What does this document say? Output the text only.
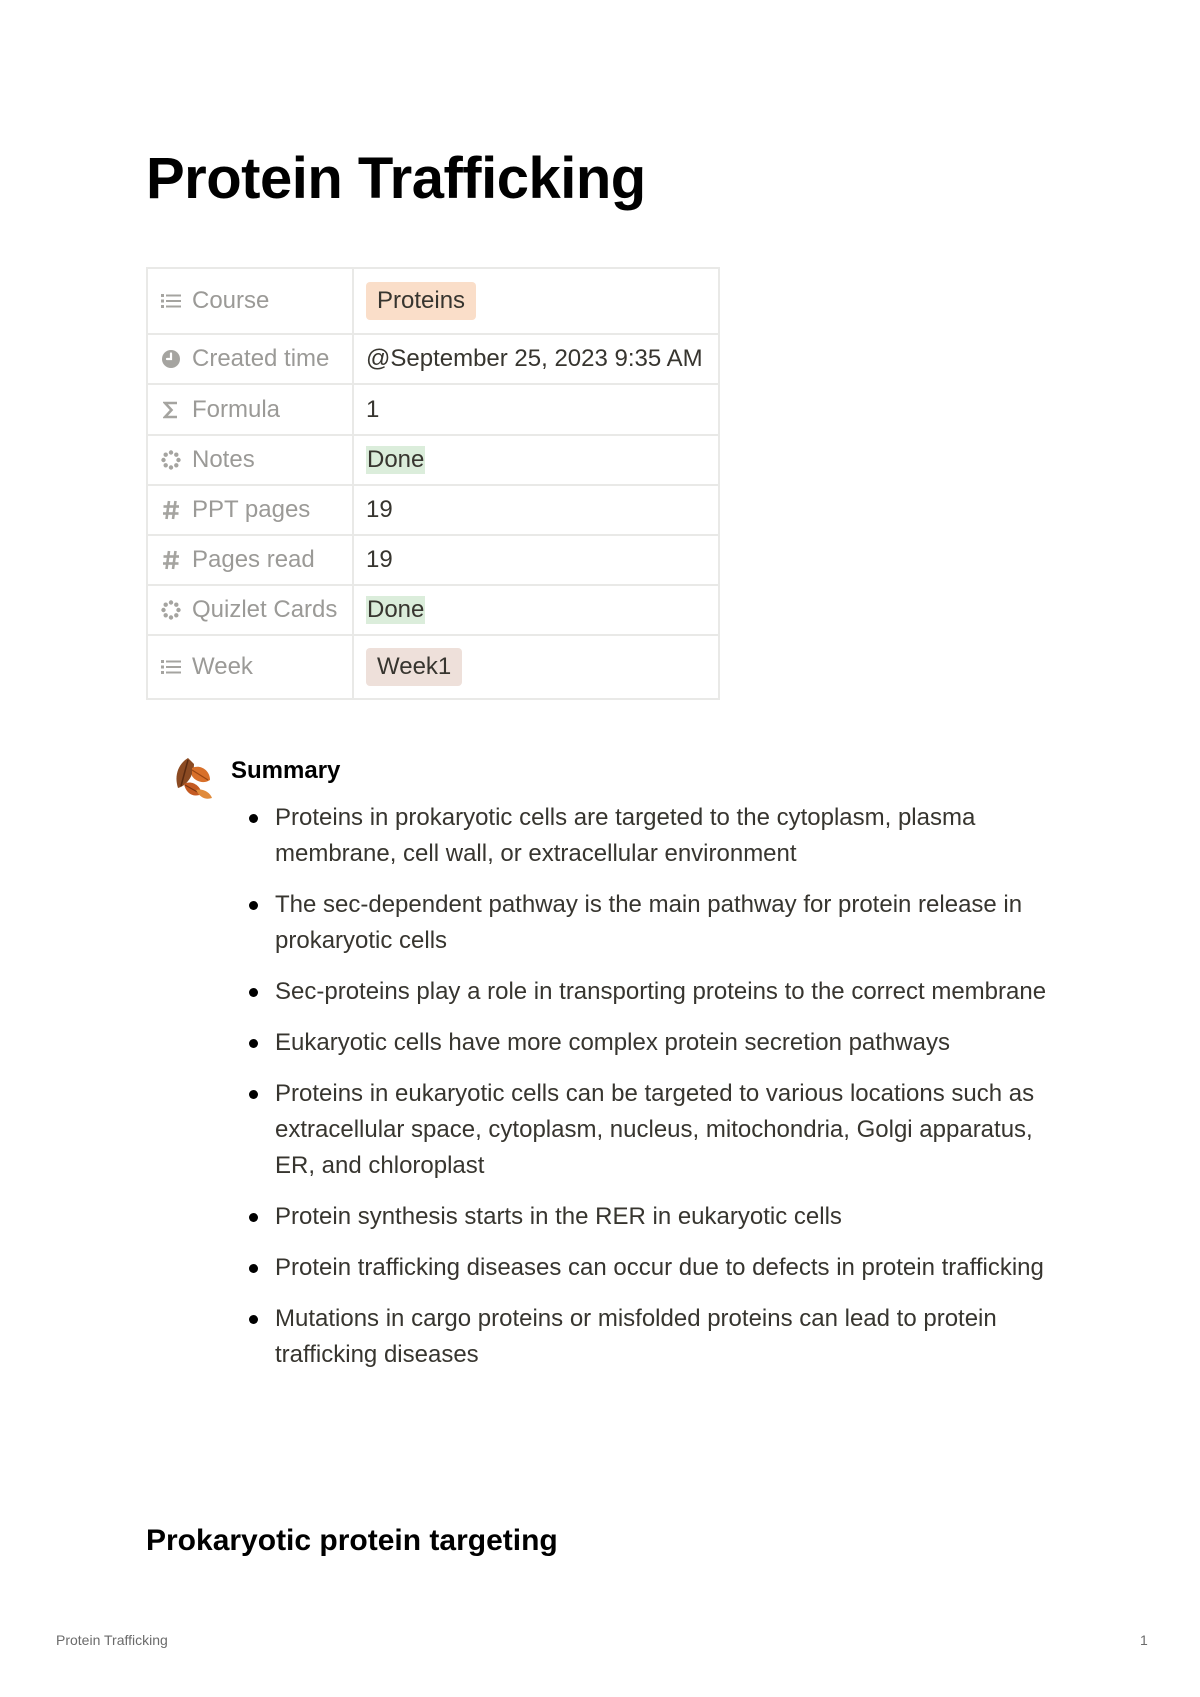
Protein Trafficking
Course	Proteins

Created time	@September 25, 2023 9:35 AM

Formula	1

Notes	Done

PPT pages	19

Pages read	19

Quizlet Cards	Done

Week	Week1
Summary
Proteins in prokaryotic cells are targeted to the cytoplasm, plasma membrane, cell wall, or extracellular environment
The sec-dependent pathway is the main pathway for protein release in prokaryotic cells
Sec-proteins play a role in transporting proteins to the correct membrane
Eukaryotic cells have more complex protein secretion pathways
Proteins in eukaryotic cells can be targeted to various locations such as extracellular space, cytoplasm, nucleus, mitochondria, Golgi apparatus, ER, and chloroplast
Protein synthesis starts in the RER in eukaryotic cells
Protein trafficking diseases can occur due to defects in protein trafficking
Mutations in cargo proteins or misfolded proteins can lead to protein trafficking diseases
Prokaryotic protein targeting
Protein Trafficking	1
